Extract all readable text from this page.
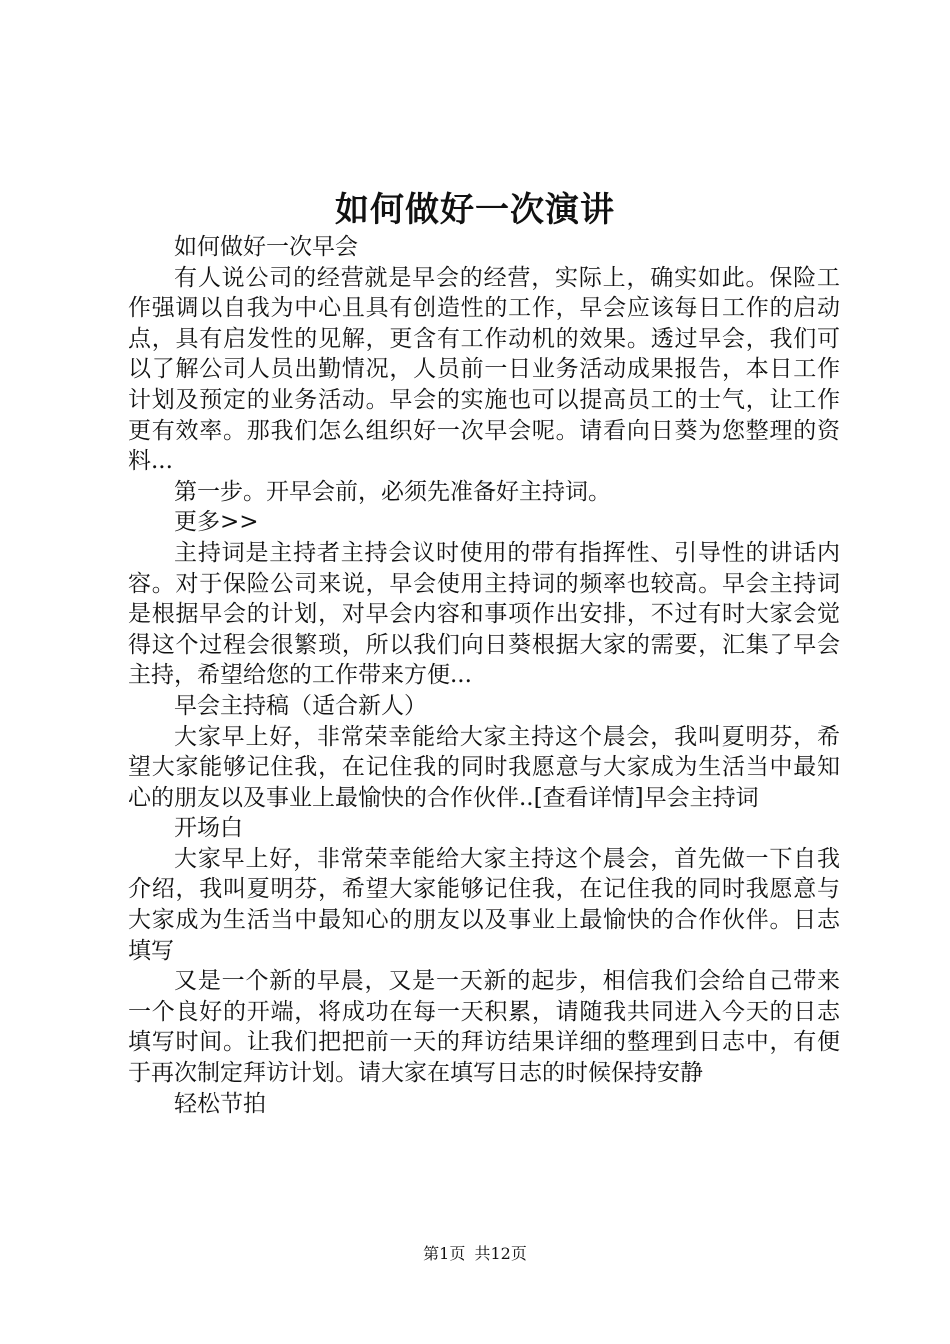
如何做好一次演讲

如何做好一次早会

有人说公司的经营就是早会的经营，实际上，确实如此。保险工作强调以自我为中心且具有创造性的工作，早会应该每日工作的启动点，具有启发性的见解，更含有工作动机的效果。透过早会，我们可以了解公司人员出勤情况，人员前一日业务活动成果报告，本日工作计划及预定的业务活动。早会的实施也可以提高员工的士气，让工作更有效率。那我们怎么组织好一次早会呢。请看向日葵为您整理的资料...

第一步。开早会前，必须先准备好主持词。

更多>>

主持词是主持者主持会议时使用的带有指挥性、引导性的讲话内容。对于保险公司来说，早会使用主持词的频率也较高。早会主持词是根据早会的计划，对早会内容和事项作出安排，不过有时大家会觉得这个过程会很繁琐，所以我们向日葵根据大家的需要，汇集了早会主持，希望给您的工作带来方便...

早会主持稿（适合新人）

大家早上好，非常荣幸能给大家主持这个晨会，我叫夏明芬，希望大家能够记住我，在记住我的同时我愿意与大家成为生活当中最知心的朋友以及事业上最愉快的合作伙伴..[查看详情]早会主持词

开场白

大家早上好，非常荣幸能给大家主持这个晨会，首先做一下自我介绍，我叫夏明芬，希望大家能够记住我，在记住我的同时我愿意与大家成为生活当中最知心的朋友以及事业上最愉快的合作伙伴。日志填写

又是一个新的早晨，又是一天新的起步，相信我们会给自己带来一个良好的开端，将成功在每一天积累，请随我共同进入今天的日志填写时间。让我们把把前一天的拜访结果详细的整理到日志中，有便于再次制定拜访计划。请大家在填写日志的时候保持安静

轻松节拍

第1页 共12页
